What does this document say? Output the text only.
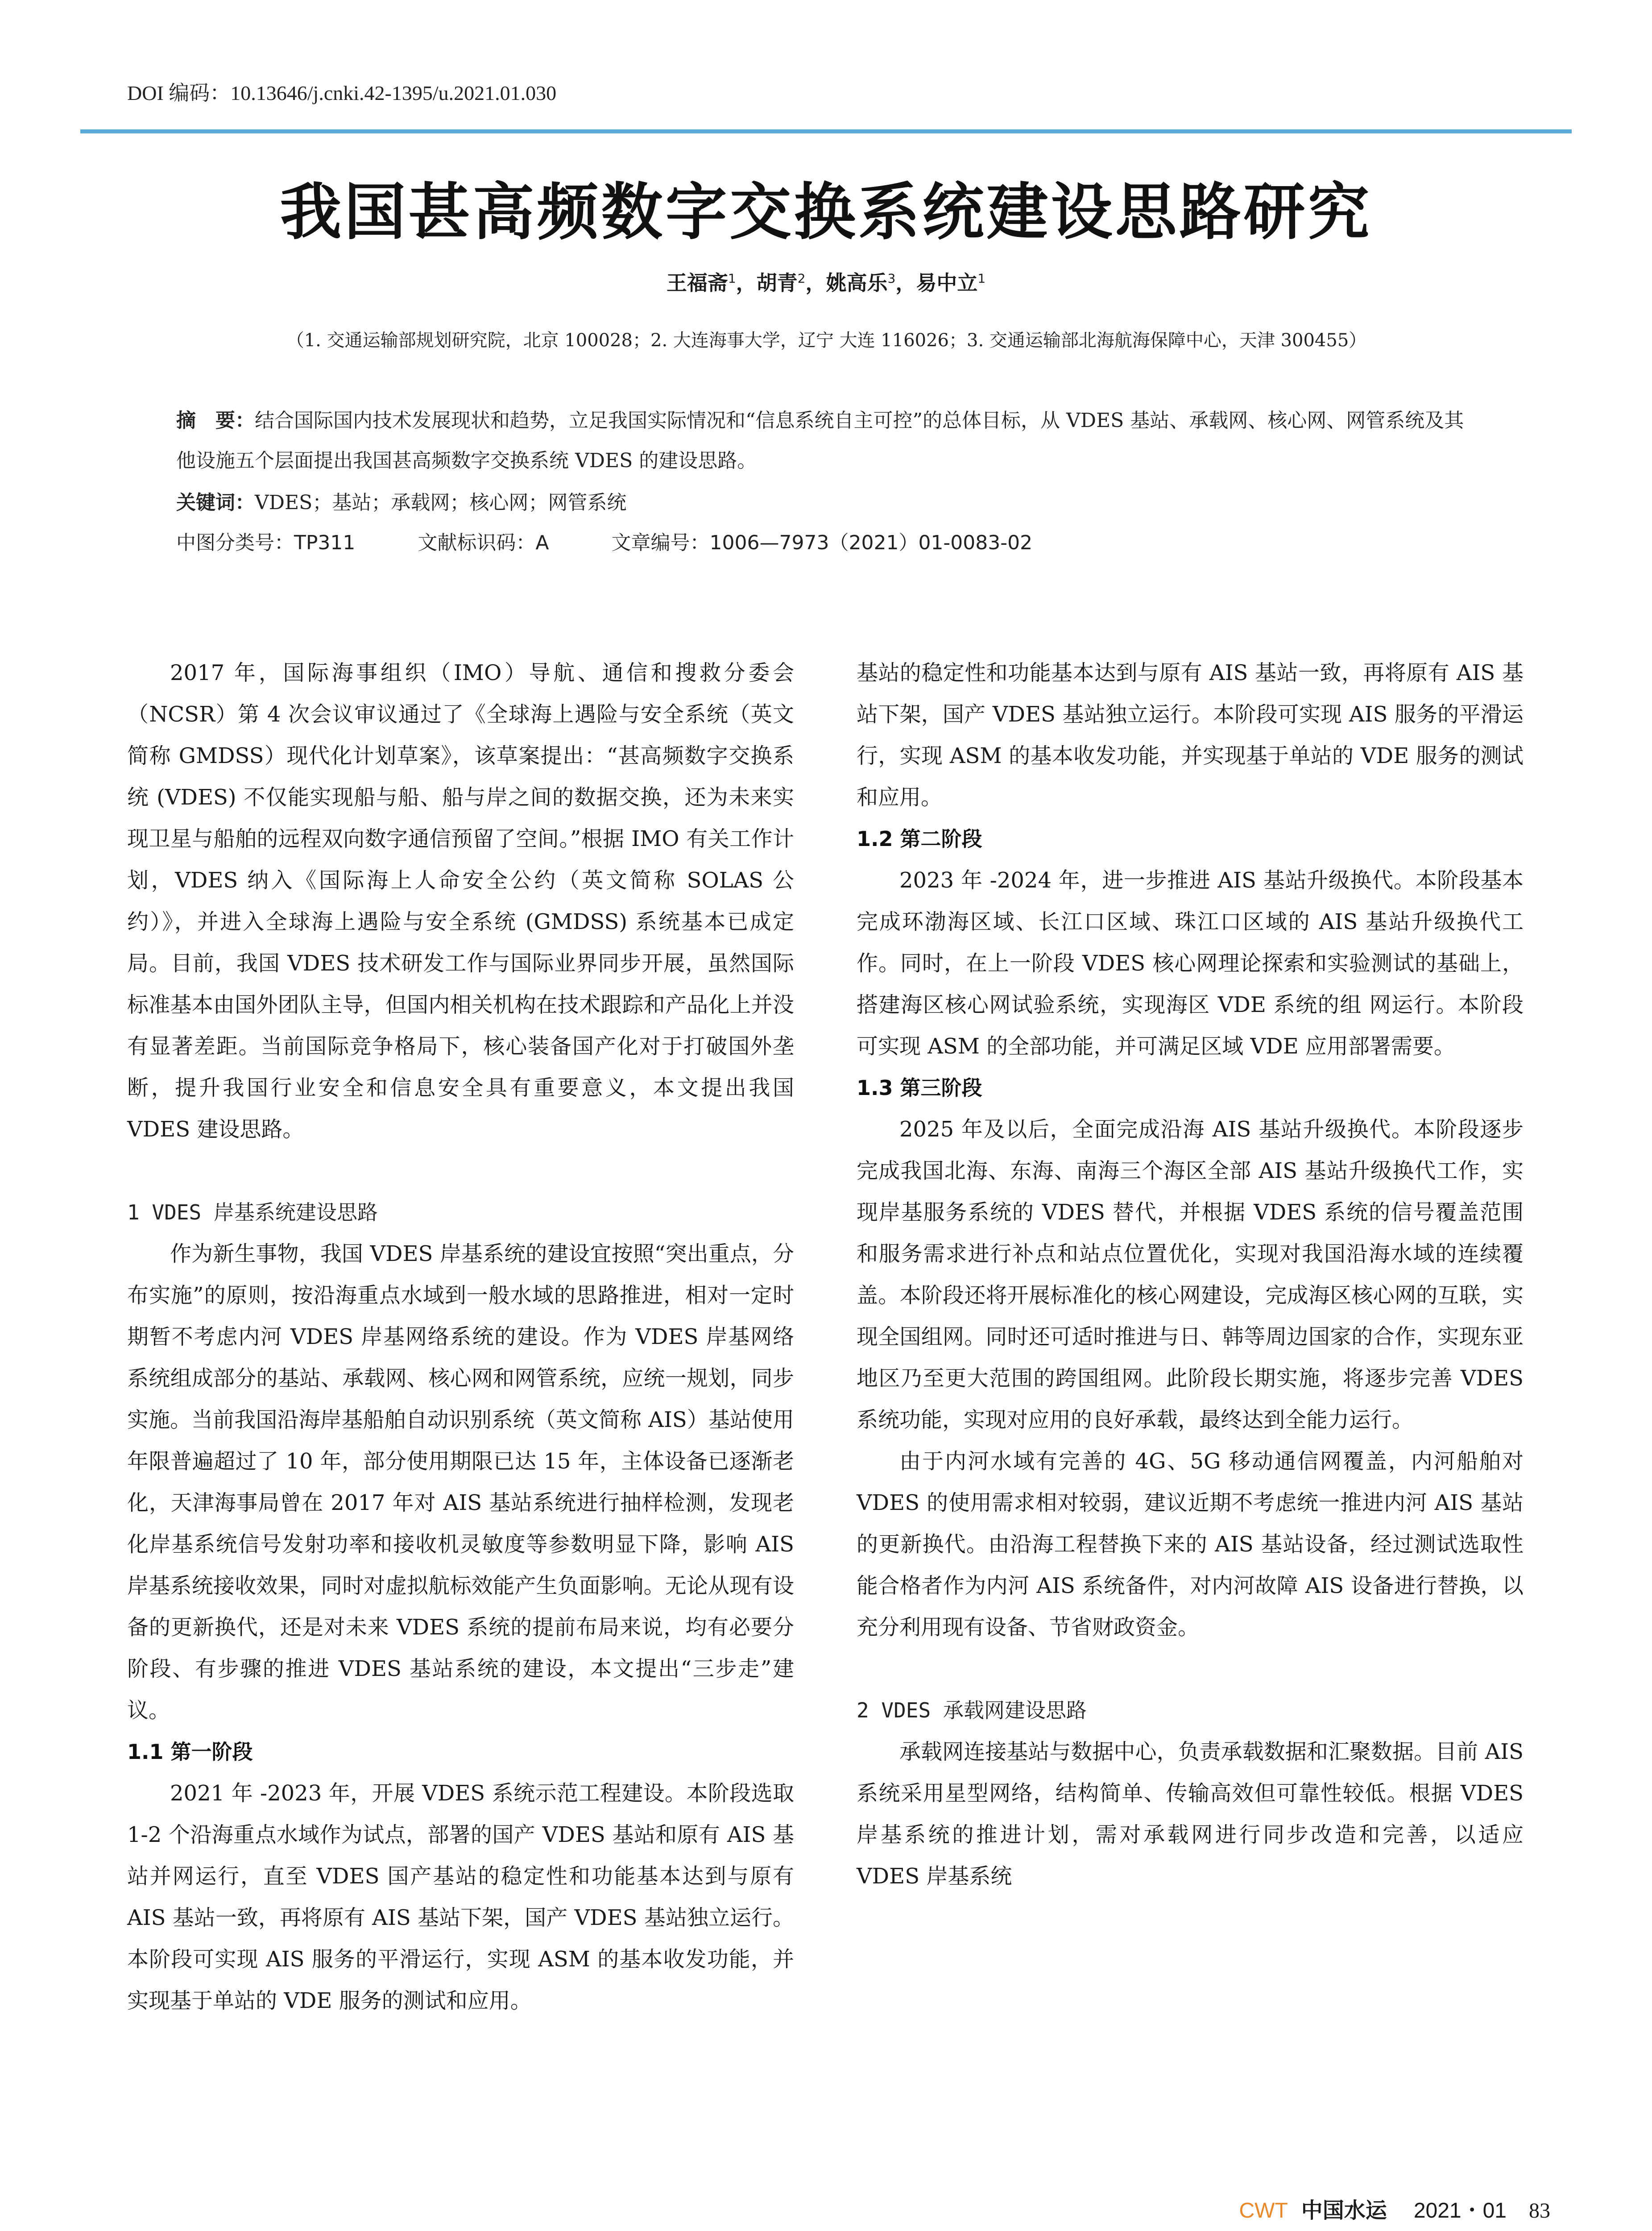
DOI 编码：10.13646/j.cnki.42-1395/u.2021.01.030
我国甚高频数字交换系统建设思路研究
王福斋$^1$，胡青$^2$，姚高乐$^3$，易中立$^1$
（1. 交通运输部规划研究院，北京 100028；2. 大连海事大学，辽宁 大连 116026；3. 交通运输部北海航海保障中心，天津 300455）
摘　要：结合国际国内技术发展现状和趋势，立足我国实际情况和“信息系统自主可控”的总体目标，从 VDES 基站、承载网、核心网、网管系统及其他设施五个层面提出我国甚高频数字交换系统 VDES 的建设思路。
关键词：VDES；基站；承载网；核心网；网管系统
中图分类号：TP311	文献标识码：A	文章编号：1006—7973（2021）01-0083-02

2017 年，国际海事组织（IMO）导航、通信和搜救分委会（NCSR）第 4 次会议审议通过了《全球海上遇险与安全系统（英文简称 GMDSS）现代化计划草案》，该草案提出：“甚高频数字交换系统 (VDES) 不仅能实现船与船、船与岸之间的数据交换，还为未来实现卫星与船舶的远程双向数字通信预留了空间。”根据 IMO 有关工作计划，VDES 纳入《国际海上人命安全公约（英文简称 SOLAS 公约）》，并进入全球海上遇险与安全系统 (GMDSS) 系统基本已成定局。目前，我国 VDES 技术研发工作与国际业界同步开展，虽然国际标准基本由国外团队主导，但国内相关机构在技术跟踪和产品化上并没有显著差距。当前国际竞争格局下，核心装备国产化对于打破国外垄断，提升我国行业安全和信息安全具有重要意义，本文提出我国 VDES 建设思路。

1 VDES 岸基系统建设思路

作为新生事物，我国 VDES 岸基系统的建设宜按照“突出重点，分布实施”的原则，按沿海重点水域到一般水域的思路推进，相对一定时期暂不考虑内河 VDES 岸基网络系统的建设。作为 VDES 岸基网络系统组成部分的基站、承载网、核心网和网管系统，应统一规划，同步实施。当前我国沿海岸基船舶自动识别系统（英文简称 AIS）基站使用年限普遍超过了 10 年，部分使用期限已达 15 年，主体设备已逐渐老化，天津海事局曾在 2017 年对 AIS 基站系统进行抽样检测，发现老化岸基系统信号发射功率和接收机灵敏度等参数明显下降，影响 AIS 岸基系统接收效果，同时对虚拟航标效能产生负面影响。无论从现有设备的更新换代，还是对未来 VDES 系统的提前布局来说，均有必要分阶段、有步骤的推进 VDES 基站系统的建设，本文提出“三步走”建议。

1.1 第一阶段

2021 年 -2023 年，开展 VDES 系统示范工程建设。本阶段选取 1-2 个沿海重点水域作为试点，部署的国产 VDES 基站和原有 AIS 基站并网运行，直至 VDES 国产基站的稳定性和功能基本达到与原有 AIS 基站一致，再将原有 AIS 基站下架，国产 VDES 基站独立运行。本阶段可实现 AIS 服务的平滑运行，实现 ASM 的基本收发功能，并实现基于单站的 VDE 服务的测试和应用。

基站的稳定性和功能基本达到与原有 AIS 基站一致，再将原有 AIS 基站下架，国产 VDES 基站独立运行。本阶段可实现 AIS 服务的平滑运行，实现 ASM 的基本收发功能，并实现基于单站的 VDE 服务的测试和应用。

1.2 第二阶段

2023 年 -2024 年，进一步推进 AIS 基站升级换代。本阶段基本完成环渤海区域、长江口区域、珠江口区域的 AIS 基站升级换代工作。同时，在上一阶段 VDES 核心网理论探索和实验测试的基础上，搭建海区核心网试验系统，实现海区 VDE 系统的组 网运行。本阶段可实现 ASM 的全部功能，并可满足区域 VDE 应用部署需要。

1.3 第三阶段

2025 年及以后，全面完成沿海 AIS 基站升级换代。本阶段逐步完成我国北海、东海、南海三个海区全部 AIS 基站升级换代工作，实现岸基服务系统的 VDES 替代，并根据 VDES 系统的信号覆盖范围和服务需求进行补点和站点位置优化，实现对我国沿海水域的连续覆盖。本阶段还将开展标准化的核心网建设，完成海区核心网的互联，实现全国组网。同时还可适时推进与日、韩等周边国家的合作，实现东亚地区乃至更大范围的跨国组网。此阶段长期实施，将逐步完善 VDES 系统功能，实现对应用的良好承载，最终达到全能力运行。

由于内河水域有完善的 4G、5G 移动通信网覆盖，内河船舶对 VDES 的使用需求相对较弱，建议近期不考虑统一推进内河 AIS 基站的更新换代。由沿海工程替换下来的 AIS 基站设备，经过测试选取性能合格者作为内河 AIS 系统备件，对内河故障 AIS 设备进行替换，以充分利用现有设备、节省财政资金。

2 VDES 承载网建设思路

承载网连接基站与数据中心，负责承载数据和汇聚数据。目前 AIS 系统采用星型网络，结构简单、传输高效但可靠性较低。根据 VDES 岸基系统的推进计划，需对承载网进行同步改造和完善，以适应 VDES 岸基系统

CWT 中国水运 2021・01 83
